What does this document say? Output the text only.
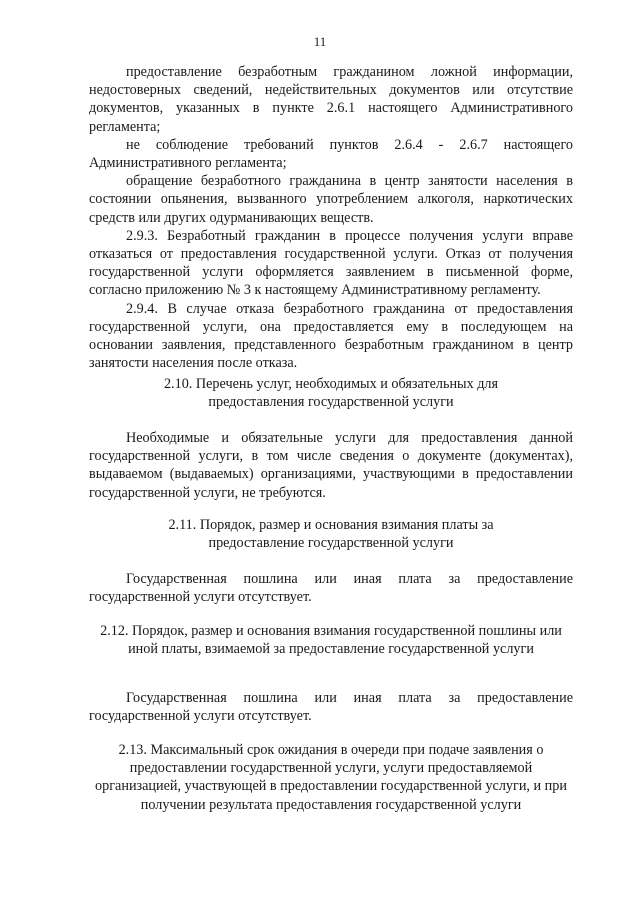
11

предоставление безработным гражданином ложной информации, недостоверных сведений, недействительных документов или отсутствие документов, указанных в пункте 2.6.1 настоящего Административного регламента;

не соблюдение требований пунктов 2.6.4 - 2.6.7 настоящего Административного регламента;

обращение безработного гражданина в центр занятости населения в состоянии опьянения, вызванного употреблением алкоголя, наркотических средств или других одурманивающих веществ.

2.9.3. Безработный гражданин в процессе получения услуги вправе отказаться от предоставления государственной услуги. Отказ от получения государственной услуги оформляется заявлением в письменной форме, согласно приложению № 3 к настоящему Административному регламенту.

2.9.4. В случае отказа безработного гражданина от предоставления государственной услуги, она предоставляется ему в последующем на основании заявления, представленного безработным гражданином в центр занятости населения после отказа.

2.10. Перечень услуг, необходимых и обязательных для предоставления государственной услуги

Необходимые и обязательные услуги для предоставления данной государственной услуги, в том числе сведения о документе (документах), выдаваемом (выдаваемых) организациями, участвующими в предоставлении государственной услуги, не требуются.

2.11. Порядок, размер и основания взимания платы за предоставление государственной услуги

Государственная пошлина или иная плата за предоставление государственной услуги отсутствует.

2.12. Порядок, размер и основания взимания государственной пошлины или иной платы, взимаемой за предоставление государственной услуги

Государственная пошлина или иная плата за предоставление государственной услуги отсутствует.

2.13. Максимальный срок ожидания в очереди при подаче заявления о предоставлении государственной услуги, услуги предоставляемой организацией, участвующей в предоставлении государственной услуги, и при получении результата предоставления государственной услуги
